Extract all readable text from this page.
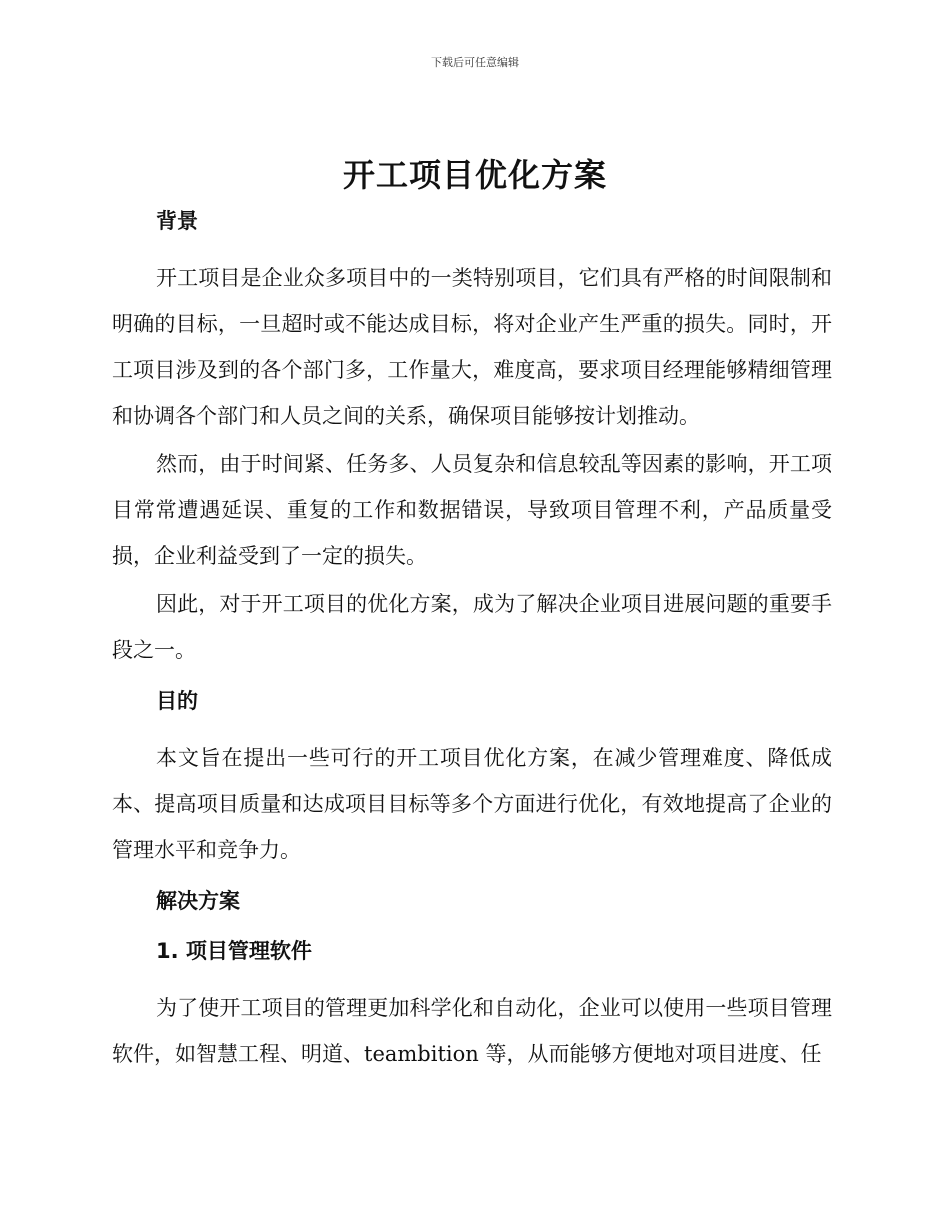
下载后可任意编辑
开工项目优化方案
背景

开工项目是企业众多项目中的一类特别项目，它们具有严格的时间限制和明确的目标，一旦超时或不能达成目标，将对企业产生严重的损失。同时，开工项目涉及到的各个部门多，工作量大，难度高，要求项目经理能够精细管理和协调各个部门和人员之间的关系，确保项目能够按计划推动。

然而，由于时间紧、任务多、人员复杂和信息较乱等因素的影响，开工项目常常遭遇延误、重复的工作和数据错误，导致项目管理不利，产品质量受损，企业利益受到了一定的损失。

因此，对于开工项目的优化方案，成为了解决企业项目进展问题的重要手段之一。

目的

本文旨在提出一些可行的开工项目优化方案，在减少管理难度、降低成本、提高项目质量和达成项目目标等多个方面进行优化，有效地提高了企业的管理水平和竞争力。

解决方案
1. 项目管理软件

为了使开工项目的管理更加科学化和自动化，企业可以使用一些项目管理软件，如智慧工程、明道、teambition 等，从而能够方便地对项目进度、任
